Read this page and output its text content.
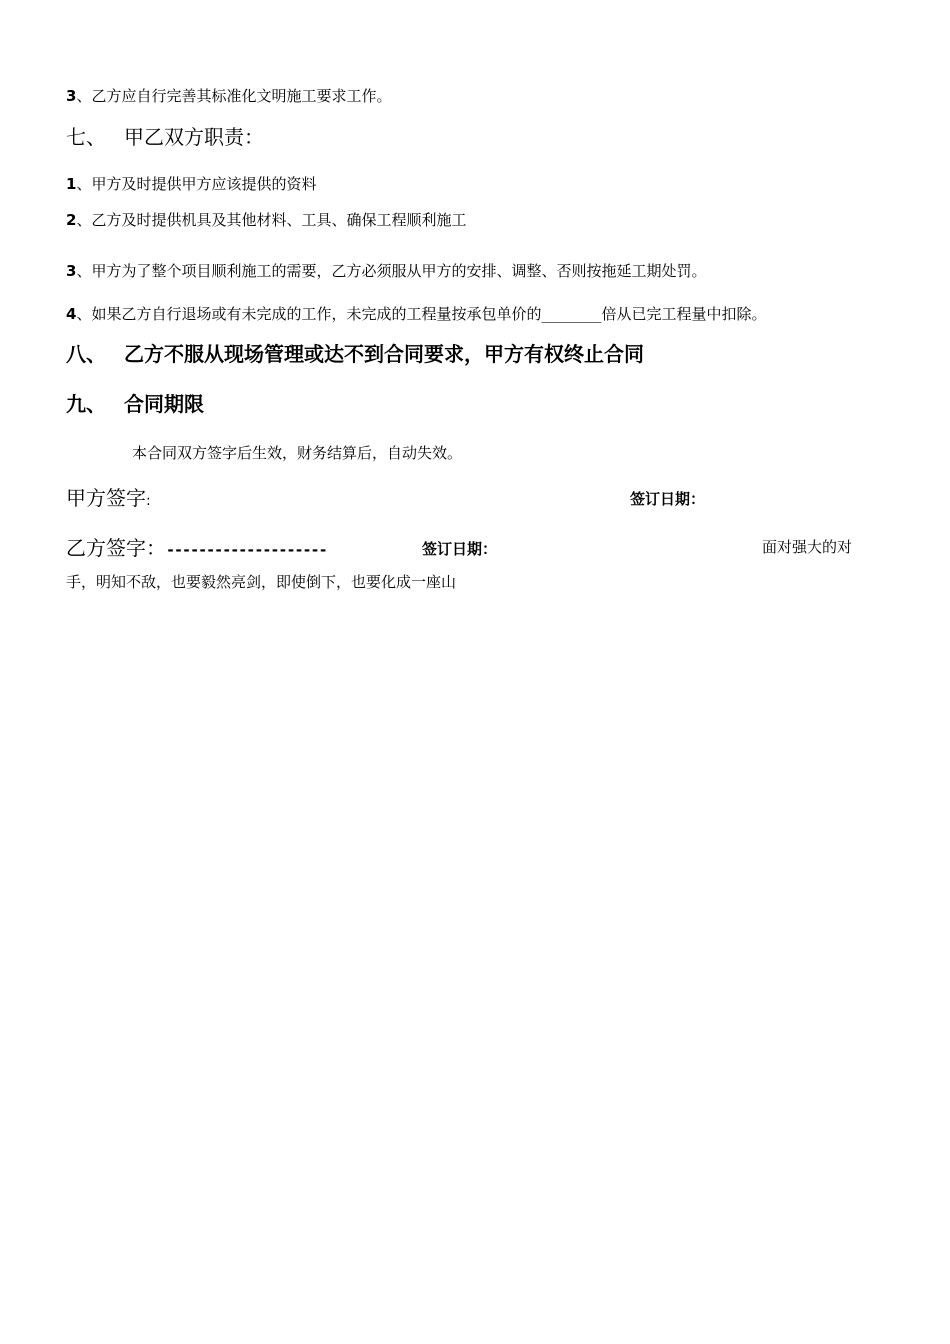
3、乙方应自行完善其标准化文明施工要求工作。
七、 甲乙双方职责：
1、甲方及时提供甲方应该提供的资料
2、乙方及时提供机具及其他材料、工具、确保工程顺利施工
3、甲方为了整个项目顺利施工的需要，乙方必须服从甲方的安排、调整、否则按拖延工期处罚。
4、如果乙方自行退场或有未完成的工作，未完成的工程量按承包单价的________倍从已完工程量中扣除。
八、 乙方不服从现场管理或达不到合同要求，甲方有权终止合同
九、 合同期限
本合同双方签字后生效，财务结算后，自动失效。
甲方签字:	签订日期：
乙方签字：--------------------	签订日期：	面对强大的对
手，明知不敌，也要毅然亮剑，即使倒下，也要化成一座山
